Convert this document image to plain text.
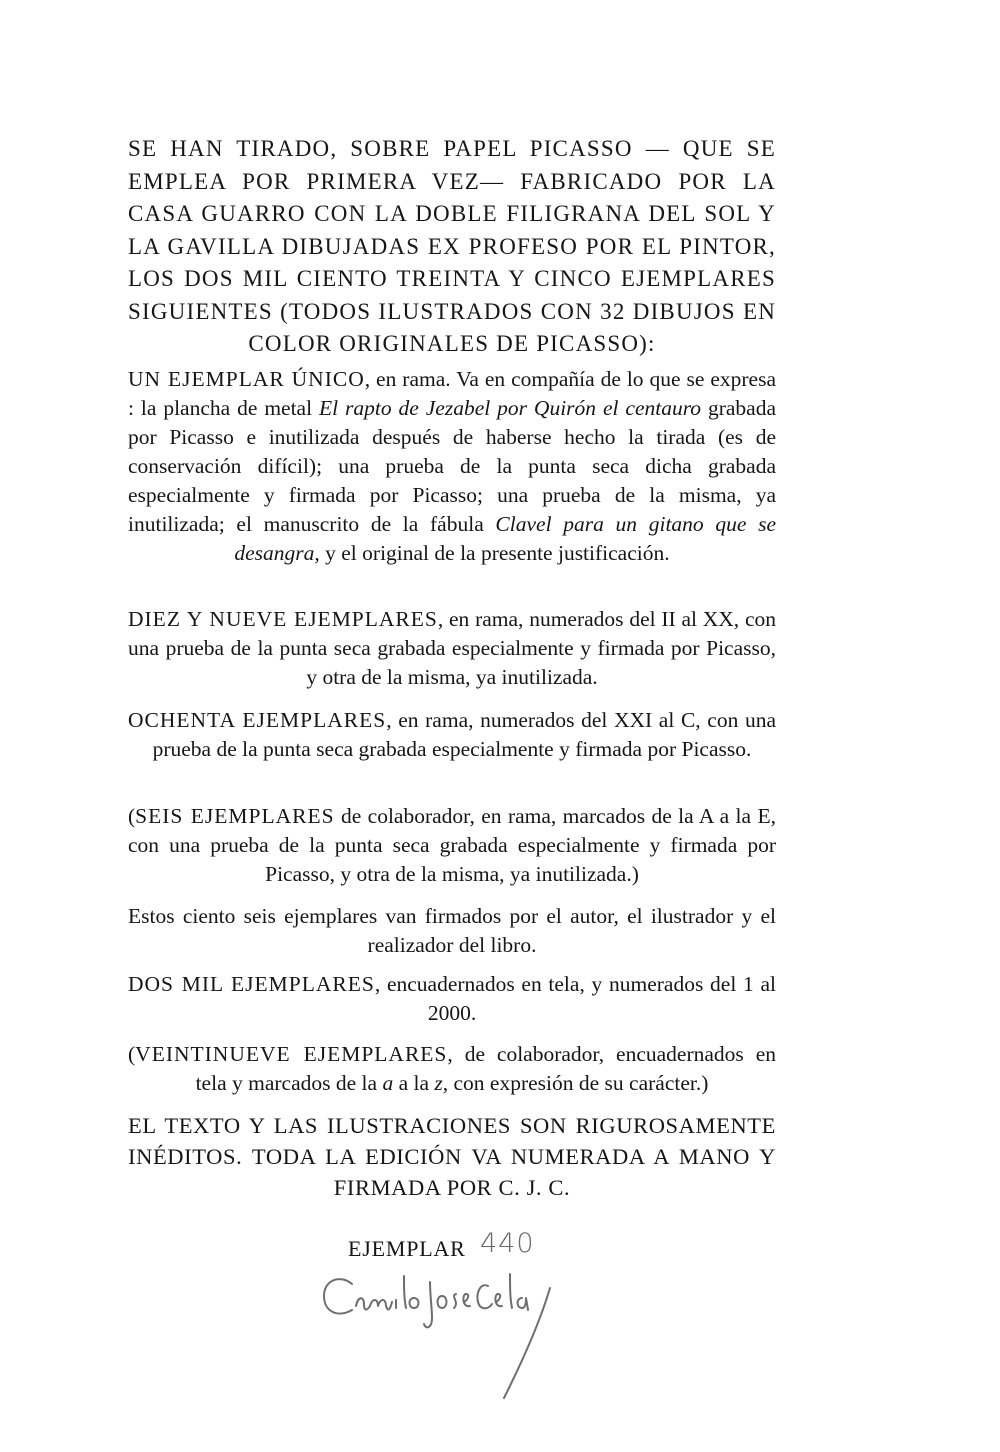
SE HAN TIRADO, SOBRE PAPEL PICASSO — QUE SE EMPLEA POR PRIMERA VEZ— FABRICADO POR LA CASA GUARRO CON LA DOBLE FILIGRANA DEL SOL Y LA GAVILLA DIBUJADAS EX PROFESO POR EL PINTOR, LOS DOS MIL CIENTO TREINTA Y CINCO EJEMPLARES SIGUIENTES (TODOS ILUSTRADOS CON 32 DIBUJOS EN COLOR ORIGINALES DE PICASSO):

UN EJEMPLAR ÚNICO, en rama. Va en compañía de lo que se expresa : la plancha de metal El rapto de Jezabel por Quirón el centauro grabada por Picasso e inutilizada después de haberse hecho la tirada (es de conservación difícil); una prueba de la punta seca dicha grabada especialmente y firmada por Picasso; una prueba de la misma, ya inutilizada; el manuscrito de la fábula Clavel para un gitano que se desangra, y el original de la presente justificación.

DIEZ Y NUEVE EJEMPLARES, en rama, numerados del II al XX, con una prueba de la punta seca grabada especialmente y firmada por Picasso, y otra de la misma, ya inutilizada.

OCHENTA EJEMPLARES, en rama, numerados del XXI al C, con una prueba de la punta seca grabada especialmente y firmada por Picasso.

(SEIS EJEMPLARES de colaborador, en rama, marcados de la A a la E, con una prueba de la punta seca grabada especialmente y firmada por Picasso, y otra de la misma, ya inutilizada.)

Estos ciento seis ejemplares van firmados por el autor, el ilustrador y el realizador del libro.

DOS MIL EJEMPLARES, encuadernados en tela, y numerados del 1 al 2000.

(VEINTINUEVE EJEMPLARES, de colaborador, encuadernados en tela y marcados de la a a la z, con expresión de su carácter.)

EL TEXTO Y LAS ILUSTRACIONES SON RIGUROSAMENTE INÉDITOS. TODA LA EDICIÓN VA NUMERADA A MANO Y FIRMADA POR C. J. C.

EJEMPLAR 440
